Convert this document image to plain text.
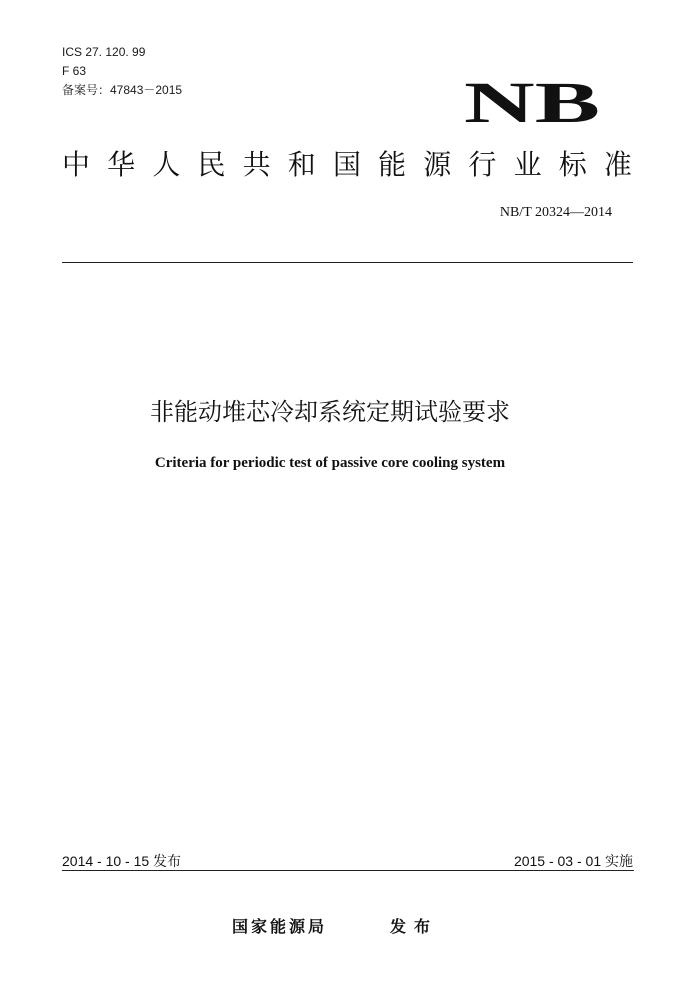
ICS 27. 120. 99
F 63
备案号：47843－2015	NB
中 华 人 民 共 和 国 能 源 行 业 标 准
NB/T 20324—2014
非能动堆芯冷却系统定期试验要求
Criteria for periodic test of passive core cooling system
2014 - 10 - 15 发布	2015 - 03 - 01 实施
国家能源局	发布
